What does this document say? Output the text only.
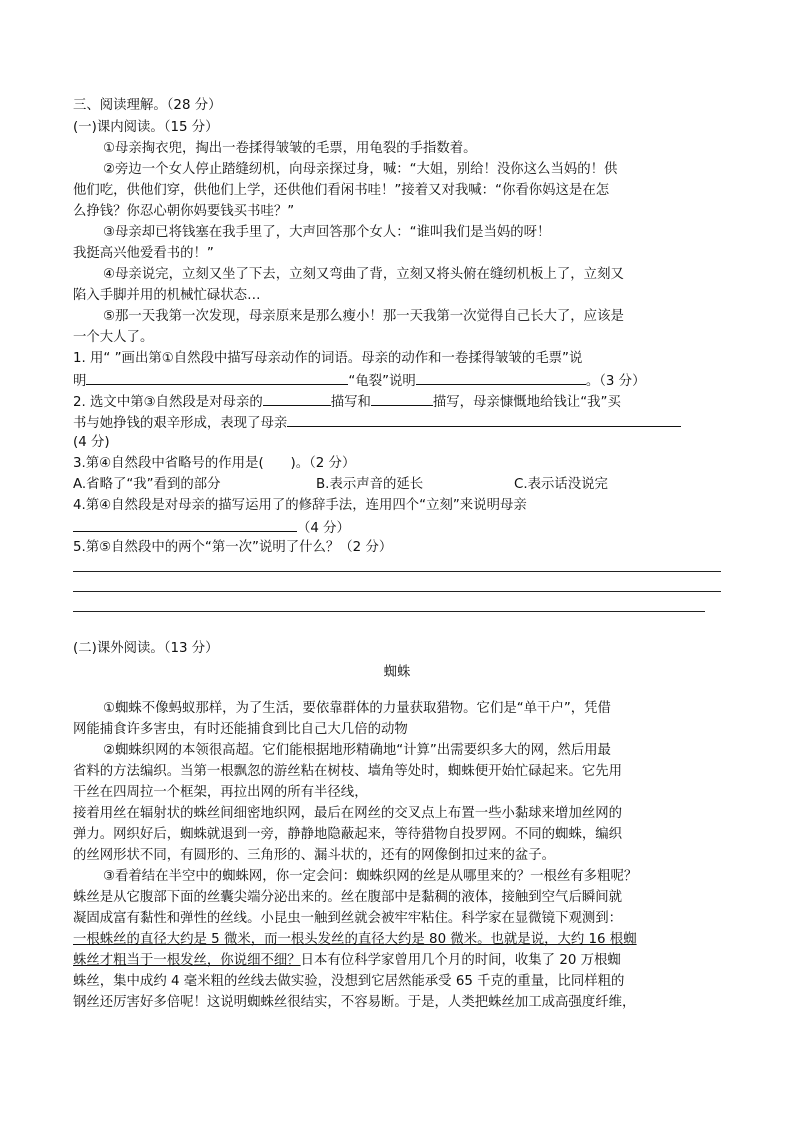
三、阅读理解。（28 分）
(一)课内阅读。（15 分）
①母亲掏衣兜，掏出一卷揉得皱皱的毛票，用龟裂的手指数着。
②旁边一个女人停止踏缝纫机，向母亲探过身，喊：“大姐，别给！没你这么当妈的！供
他们吃，供他们穿，供他们上学，还供他们看闲书哇！”接着又对我喊：“你看你妈这是在怎
么挣钱？你忍心朝你妈要钱买书哇？”
③母亲却已将钱塞在我手里了，大声回答那个女人：“谁叫我们是当妈的呀！
我挺高兴他爱看书的！”
④母亲说完，立刻又坐了下去，立刻又弯曲了背，立刻又将头俯在缝纫机板上了，立刻又
陷入手脚并用的机械忙碌状态…
⑤那一天我第一次发现，母亲原来是那么瘦小！那一天我第一次觉得自己长大了，应该是
一个大人了。
1. 用“ ”画出第①自然段中描写母亲动作的词语。母亲的动作和一卷揉得皱皱的毛票”说
明	“龟裂”说明	。（3 分）
2. 选文中第③自然段是对母亲的	描写和	描写，母亲慷慨地给钱让“我”买
书与她挣钱的艰辛形成，表现了母亲
(4 分)
3.第④自然段中省略号的作用是(　　)。（2 分）
A.省略了“我”看到的部分	B.表示声音的延长	C.表示话没说完
4.第④自然段是对母亲的描写运用了的修辞手法，连用四个“立刻”来说明母亲
（4 分）
5.第⑤自然段中的两个“第一次”说明了什么？（2 分）
(二)课外阅读。（13 分）
蜘蛛
①蜘蛛不像蚂蚁那样，为了生活，要依靠群体的力量获取猎物。它们是“单干户”，凭借
网能捕食许多害虫，有时还能捕食到比自己大几倍的动物
②蜘蛛织网的本领很高超。它们能根据地形精确地“计算”出需要织多大的网，然后用最
省料的方法编织。当第一根飘忽的游丝粘在树枝、墙角等处时，蜘蛛便开始忙碌起来。它先用
干丝在四周拉一个框架，再拉出网的所有半径线，
接着用丝在辐射状的蛛丝间细密地织网，最后在网丝的交叉点上布置一些小黏球来增加丝网的
弹力。网织好后，蜘蛛就退到一旁，静静地隐蔽起来，等待猎物自投罗网。不同的蜘蛛，编织
的丝网形状不同，有圆形的、三角形的、漏斗状的，还有的网像倒扣过来的盆子。
③看着结在半空中的蜘蛛网，你一定会问：蜘蛛织网的丝是从哪里来的？一根丝有多粗呢？
蛛丝是从它腹部下面的丝囊尖端分泌出来的。丝在腹部中是黏稠的液体，接触到空气后瞬间就
凝固成富有黏性和弹性的丝线。小昆虫一触到丝就会被牢牢粘住。科学家在显微镜下观测到：
一根蛛丝的直径大约是 5 微米，而一根头发丝的直径大约是 80 微米。也就是说，大约 16 根蜘
蛛丝才粗当于一根发丝，你说细不细？日本有位科学家曾用几个月的时间，收集了 20 万根蜘
蛛丝，集中成约 4 毫米粗的丝线去做实验，没想到它居然能承受 65 千克的重量，比同样粗的
钢丝还厉害好多倍呢！这说明蜘蛛丝很结实，不容易断。于是，人类把蛛丝加工成高强度纤维，
